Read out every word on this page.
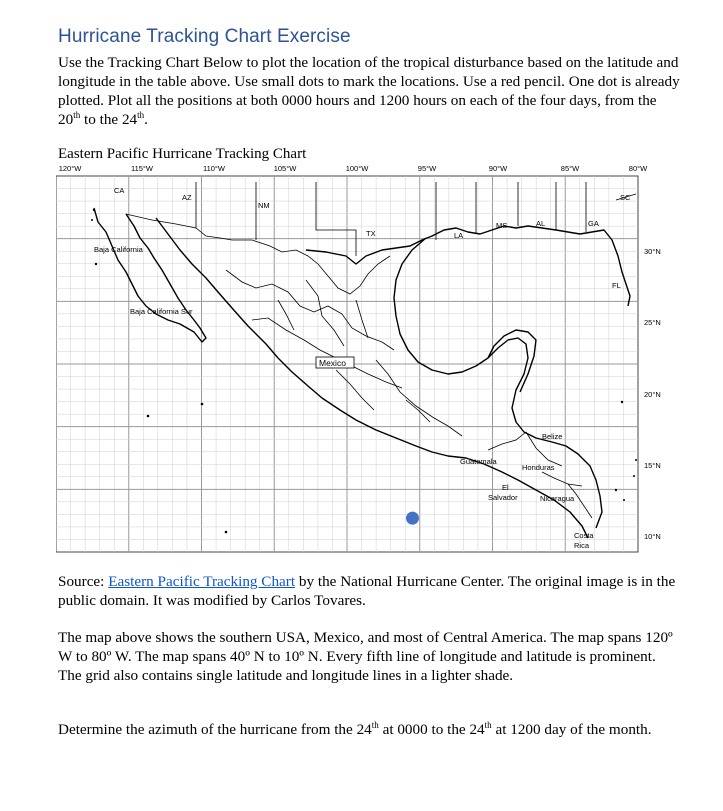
Hurricane Tracking Chart Exercise

Use the Tracking Chart Below to plot the location of the tropical disturbance based on the latitude and longitude in the table above. Use small dots to mark the locations. Use a red pencil. One dot is already plotted. Plot all the positions at both 0000 hours and 1200 hours on each of the four days, from the 20th to the 24th.

Eastern Pacific Hurricane Tracking Chart
120°W	115°W	110°W	105°W	100°W	95°W	90°W	85°W	80°W
30°N
25°N
20°N
15°N
10°N
CA
AZ
NM
TX	LA
MS	AL	GA
SC
FL
Baja California
Baja California Sur
Mexico
Belize
Guatemala
Honduras
El
Salvador	Nicaragua
Costa
Rica

Source: Eastern Pacific Tracking Chart by the National Hurricane Center. The original image is in the public domain. It was modified by Carlos Tovares.

The map above shows the southern USA, Mexico, and most of Central America. The map spans 120º W to 80º W. The map spans 40º N to 10º N. Every fifth line of longitude and latitude is prominent. The grid also contains single latitude and longitude lines in a lighter shade.

Determine the azimuth of the hurricane from the 24th at 0000 to the 24th at 1200 day of the month.
